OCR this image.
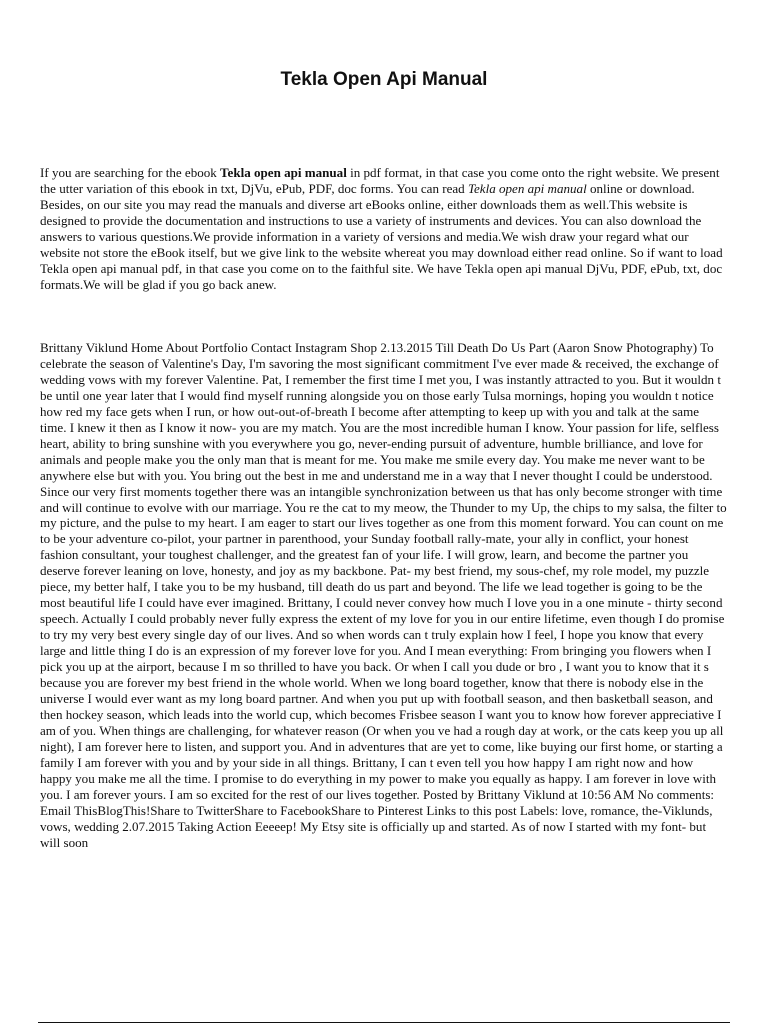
Tekla Open Api Manual

If you are searching for the ebook Tekla open api manual in pdf format, in that case you come onto the right website. We present the utter variation of this ebook in txt, DjVu, ePub, PDF, doc forms. You can read Tekla open api manual online or download. Besides, on our site you may read the manuals and diverse art eBooks online, either downloads them as well.This website is designed to provide the documentation and instructions to use a variety of instruments and devices. You can also download the answers to various questions.We provide information in a variety of versions and media.We wish draw your regard what our website not store the eBook itself, but we give link to the website whereat you may download either read online. So if want to load Tekla open api manual pdf, in that case you come on to the faithful site. We have Tekla open api manual DjVu, PDF, ePub, txt, doc formats.We will be glad if you go back anew.

Brittany Viklund Home About Portfolio Contact Instagram Shop 2.13.2015 Till Death Do Us Part (Aaron Snow Photography) To celebrate the season of Valentine's Day, I'm savoring the most significant commitment I've ever made & received, the exchange of wedding vows with my forever Valentine. Pat, I remember the first time I met you, I was instantly attracted to you. But it wouldn t be until one year later that I would find myself running alongside you on those early Tulsa mornings, hoping you wouldn t notice how red my face gets when I run, or how out-out-of-breath I become after attempting to keep up with you and talk at the same time. I knew it then as I know it now- you are my match. You are the most incredible human I know. Your passion for life, selfless heart, ability to bring sunshine with you everywhere you go, never-ending pursuit of adventure, humble brilliance, and love for animals and people make you the only man that is meant for me. You make me smile every day. You make me never want to be anywhere else but with you. You bring out the best in me and understand me in a way that I never thought I could be understood. Since our very first moments together there was an intangible synchronization between us that has only become stronger with time and will continue to evolve with our marriage. You re the cat to my meow, the Thunder to my Up, the chips to my salsa, the filter to my picture, and the pulse to my heart. I am eager to start our lives together as one from this moment forward. You can count on me to be your adventure co-pilot, your partner in parenthood, your Sunday football rally-mate, your ally in conflict, your honest fashion consultant, your toughest challenger, and the greatest fan of your life. I will grow, learn, and become the partner you deserve forever leaning on love, honesty, and joy as my backbone. Pat- my best friend, my sous-chef, my role model, my puzzle piece, my better half, I take you to be my husband, till death do us part and beyond. The life we lead together is going to be the most beautiful life I could have ever imagined. Brittany, I could never convey how much I love you in a one minute - thirty second speech. Actually I could probably never fully express the extent of my love for you in our entire lifetime, even though I do promise to try my very best every single day of our lives. And so when words can t truly explain how I feel, I hope you know that every large and little thing I do is an expression of my forever love for you. And I mean everything: From bringing you flowers when I pick you up at the airport, because I m so thrilled to have you back. Or when I call you dude or bro , I want you to know that it s because you are forever my best friend in the whole world. When we long board together, know that there is nobody else in the universe I would ever want as my long board partner. And when you put up with football season, and then basketball season, and then hockey season, which leads into the world cup, which becomes Frisbee season I want you to know how forever appreciative I am of you. When things are challenging, for whatever reason (Or when you ve had a rough day at work, or the cats keep you up all night), I am forever here to listen, and support you. And in adventures that are yet to come, like buying our first home, or starting a family I am forever with you and by your side in all things. Brittany, I can t even tell you how happy I am right now and how happy you make me all the time. I promise to do everything in my power to make you equally as happy. I am forever in love with you. I am forever yours. I am so excited for the rest of our lives together. Posted by Brittany Viklund at 10:56 AM No comments: Email ThisBlogThis!Share to TwitterShare to FacebookShare to Pinterest Links to this post Labels: love, romance, the-Viklunds, vows, wedding 2.07.2015 Taking Action Eeeeep! My Etsy site is officially up and started. As of now I started with my font- but will soon
